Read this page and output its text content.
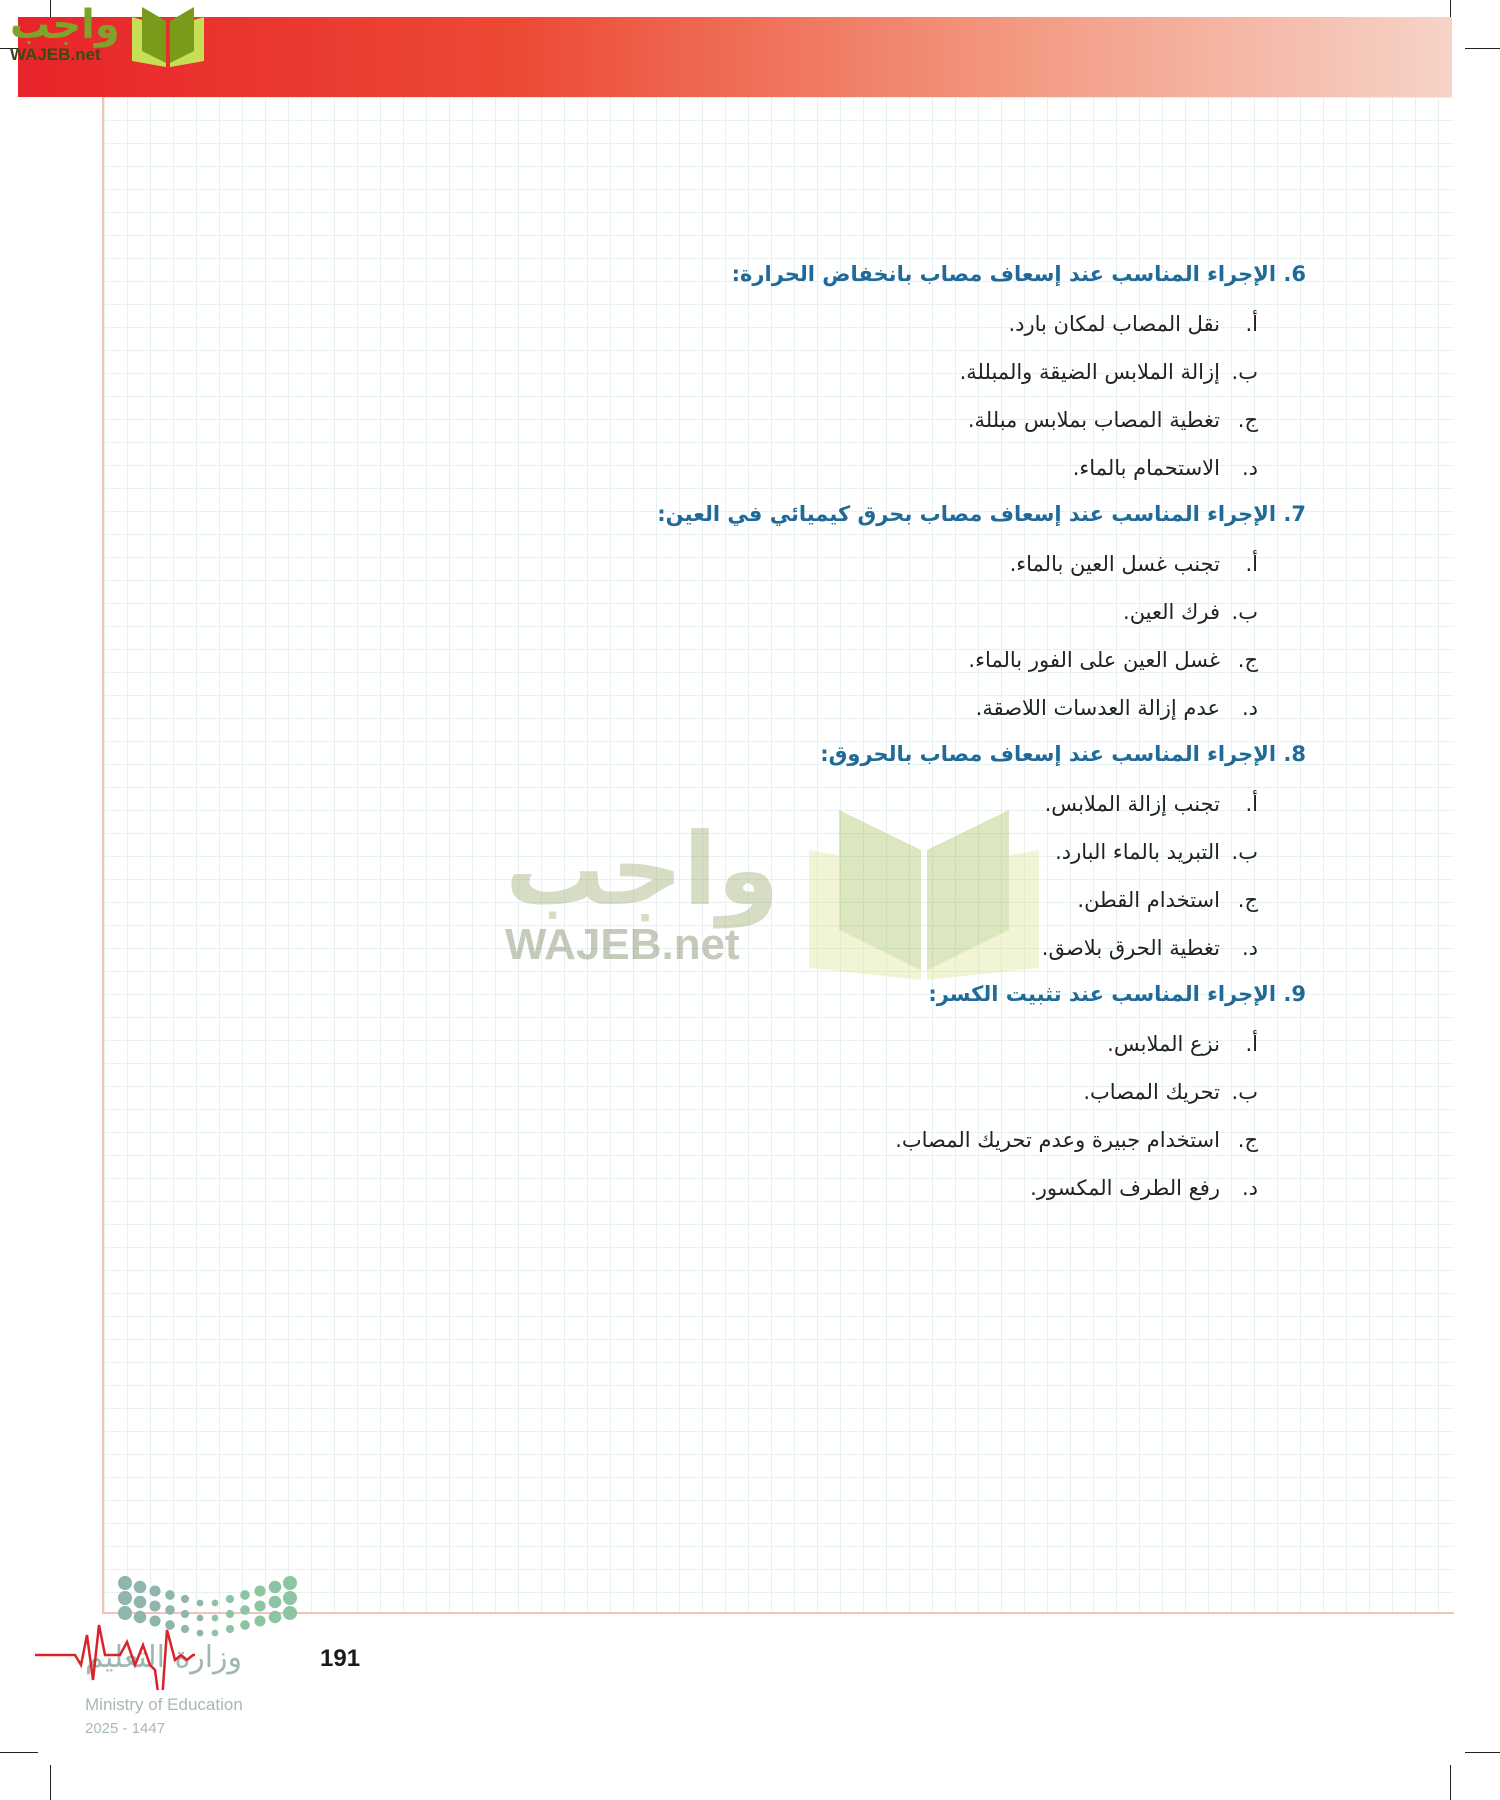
واجب
WAJEB.net
6. الإجراء المناسب عند إسعاف مصاب بانخفاض الحرارة:
أ.نقل المصاب لمكان بارد.
ب.إزالة الملابس الضيقة والمبللة.
ج.تغطية المصاب بملابس مبللة.
د.الاستحمام بالماء.
7. الإجراء المناسب عند إسعاف مصاب بحرق كيميائي في العين:
أ.تجنب غسل العين بالماء.
ب.فرك العين.
ج.غسل العين على الفور بالماء.
د.عدم إزالة العدسات اللاصقة.
8. الإجراء المناسب عند إسعاف مصاب بالحروق:
أ.تجنب إزالة الملابس.
ب.التبريد بالماء البارد.
ج.استخدام القطن.
د.تغطية الحرق بلاصق.
9. الإجراء المناسب عند تثبيت الكسر:
أ.نزع الملابس.
ب.تحريك المصاب.
ج.استخدام جبيرة وعدم تحريك المصاب.
د.رفع الطرف المكسور.
واجب
WAJEB.net
وزارة التعليم
Ministry of Education
2025 - 1447
191
